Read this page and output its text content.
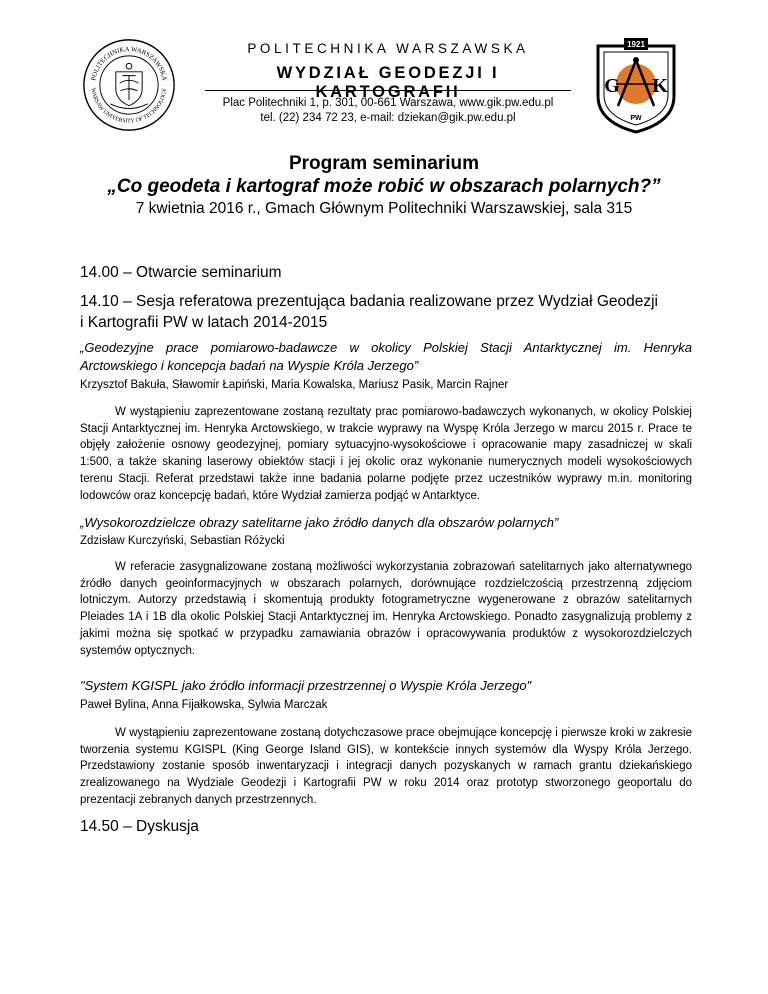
POLITECHNIKA WARSZAWSKA
WARSAW UNIVERSITY OF TECHNOLOGY
1921
G K
PW
POLITECHNIKA WARSZAWSKA
WYDZIAŁ GEODEZJI I KARTOGRAFII
Plac Politechniki 1, p. 301, 00-661 Warszawa, www.gik.pw.edu.pl
tel. (22) 234 72 23, e-mail: dziekan@gik.pw.edu.pl
Program seminarium
„Co geodeta i kartograf może robić w obszarach polarnych?”
7 kwietnia 2016 r., Gmach Głównym Politechniki Warszawskiej, sala 315
14.00 – Otwarcie seminarium
14.10 – Sesja referatowa prezentująca badania realizowane przez Wydział Geodezji
i Kartografii PW w latach 2014-2015
„Geodezyjne prace pomiarowo-badawcze w okolicy Polskiej Stacji Antarktycznej im. Henryka Arctowskiego i koncepcja badań na Wyspie Króla Jerzego”
Krzysztof Bakuła, Sławomir Łapiński, Maria Kowalska, Mariusz Pasik, Marcin Rajner
W wystąpieniu zaprezentowane zostaną rezultaty prac pomiarowo-badawczych wykonanych, w okolicy Polskiej Stacji Antarktycznej im. Henryka Arctowskiego, w trakcie wyprawy na Wyspę Króla Jerzego w marcu 2015 r. Prace te objęły założenie osnowy geodezyjnej, pomiary sytuacyjno-wysokościowe i opracowanie mapy zasadniczej w skali 1:500, a także skaning laserowy obiektów stacji i jej okolic oraz wykonanie numerycznych modeli wysokościowych terenu Stacji. Referat przedstawi także inne badania polarne podjęte przez uczestników wyprawy m.in. monitoring lodowców oraz koncepcję badań, które Wydział zamierza podjąć w Antarktyce.
„Wysokorozdzielcze obrazy satelitarne jako źródło danych dla obszarów polarnych”
Zdzisław Kurczyński, Sebastian Różycki
W referacie zasygnalizowane zostaną możliwości wykorzystania zobrazowań satelitarnych jako alternatywnego źródło danych geoinformacyjnych w obszarach polarnych, dorównujące rozdzielczością przestrzenną zdjęciom lotniczym. Autorzy przedstawią i skomentują produkty fotogrametryczne wygenerowane z obrazów satelitarnych Pleiades 1A i 1B dla okolic Polskiej Stacji Antarktycznej im. Henryka Arctowskiego. Ponadto zasygnalizują problemy z jakimi można się spotkać w przypadku zamawiania obrazów i opracowywania produktów z wysokorozdzielczych systemów optycznych.
"System KGISPL jako źródło informacji przestrzennej o Wyspie Króla Jerzego"
Paweł Bylina, Anna Fijałkowska, Sylwia Marczak
W wystąpieniu zaprezentowane zostaną dotychczasowe prace obejmujące koncepcję i pierwsze kroki w zakresie tworzenia systemu KGISPL (King George Island GIS), w kontekście innych systemów dla Wyspy Króla Jerzego. Przedstawiony zostanie sposób inwentaryzacji i integracji danych pozyskanych w ramach grantu dziekańskiego zrealizowanego na Wydziale Geodezji i Kartografii PW w roku 2014 oraz prototyp stworzonego geoportalu do prezentacji zebranych danych przestrzennych.
14.50 – Dyskusja
